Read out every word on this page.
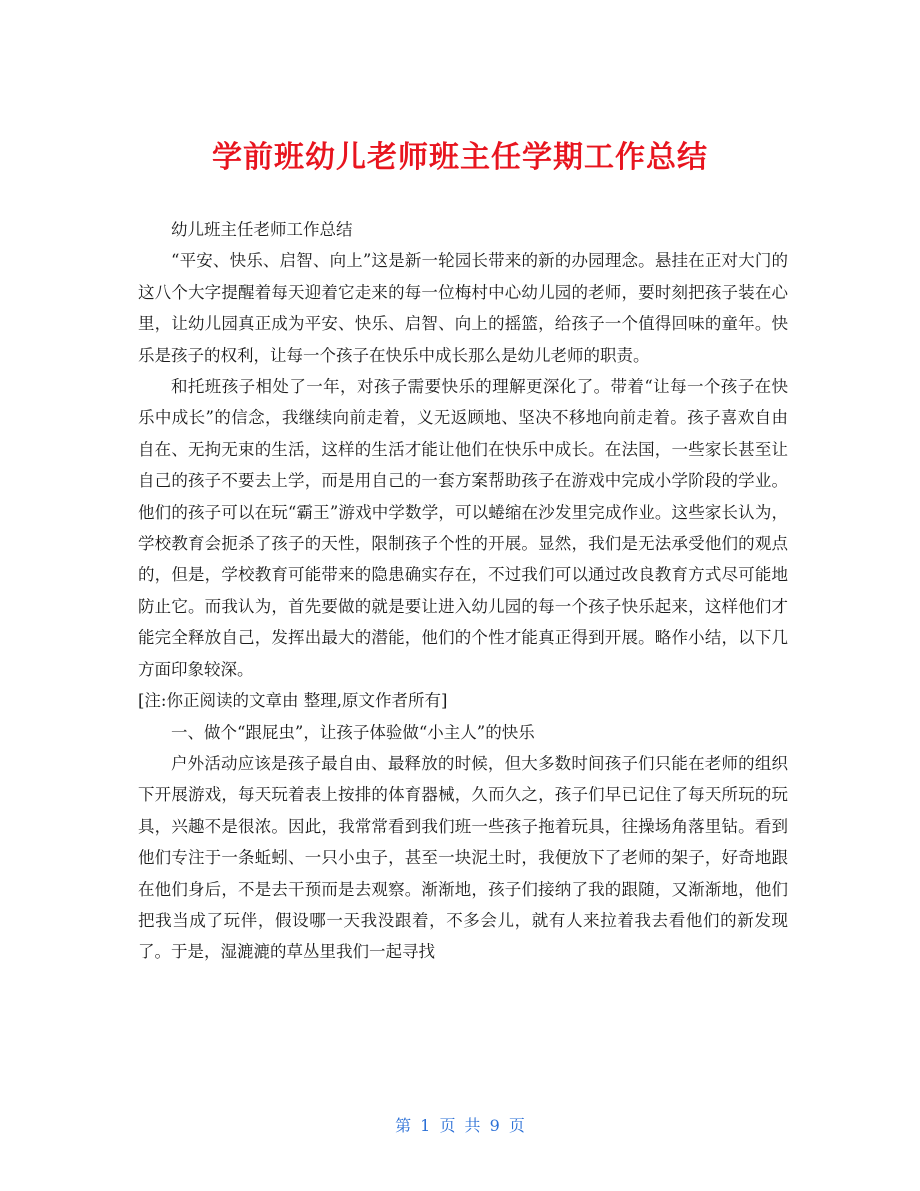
学前班幼儿老师班主任学期工作总结

幼儿班主任老师工作总结

“平安、快乐、启智、向上”这是新一轮园长带来的新的办园理念。悬挂在正对大门的这八个大字提醒着每天迎着它走来的每一位梅村中心幼儿园的老师，要时刻把孩子装在心里，让幼儿园真正成为平安、快乐、启智、向上的摇篮，给孩子一个值得回味的童年。快乐是孩子的权利，让每一个孩子在快乐中成长那么是幼儿老师的职责。

和托班孩子相处了一年，对孩子需要快乐的理解更深化了。带着“让每一个孩子在快乐中成长”的信念，我继续向前走着，义无返顾地、坚决不移地向前走着。孩子喜欢自由自在、无拘无束的生活，这样的生活才能让他们在快乐中成长。在法国，一些家长甚至让自己的孩子不要去上学，而是用自己的一套方案帮助孩子在游戏中完成小学阶段的学业。他们的孩子可以在玩“霸王”游戏中学数学，可以蜷缩在沙发里完成作业。这些家长认为，学校教育会扼杀了孩子的天性，限制孩子个性的开展。显然，我们是无法承受他们的观点的，但是，学校教育可能带来的隐患确实存在，不过我们可以通过改良教育方式尽可能地防止它。而我认为，首先要做的就是要让进入幼儿园的每一个孩子快乐起来，这样他们才能完全释放自己，发挥出最大的潜能，他们的个性才能真正得到开展。略作小结，以下几方面印象较深。

[注:你正阅读的文章由 整理,原文作者所有]

一、做个“跟屁虫”，让孩子体验做“小主人”的快乐

户外活动应该是孩子最自由、最释放的时候，但大多数时间孩子们只能在老师的组织下开展游戏，每天玩着表上按排的体育器械，久而久之，孩子们早已记住了每天所玩的玩具，兴趣不是很浓。因此，我常常看到我们班一些孩子拖着玩具，往操场角落里钻。看到他们专注于一条蚯蚓、一只小虫子，甚至一块泥土时，我便放下了老师的架子，好奇地跟在他们身后，不是去干预而是去观察。渐渐地，孩子们接纳了我的跟随，又渐渐地，他们把我当成了玩伴，假设哪一天我没跟着，不多会儿，就有人来拉着我去看他们的新发现了。于是，湿漉漉的草丛里我们一起寻找

第 1 页 共 9 页
